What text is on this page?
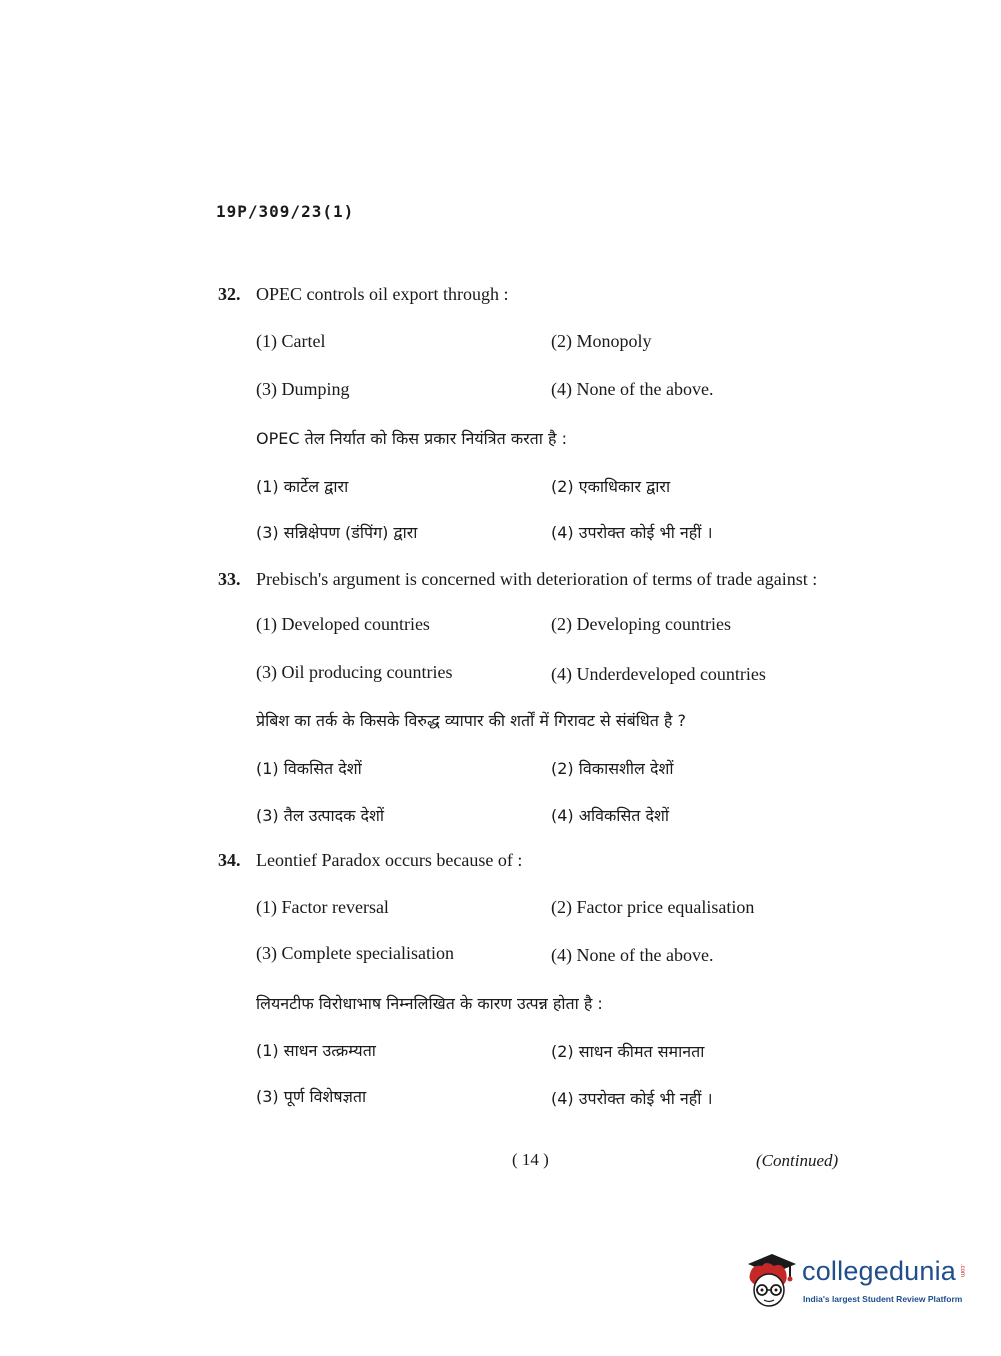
19P/309/23(1)
32. OPEC controls oil export through :
(1) Cartel	(2) Monopoly
(3) Dumping	(4) None of the above.
OPEC तेल निर्यात को किस प्रकार नियंत्रित करता है :
(1) कार्टेल द्वारा	(2) एकाधिकार द्वारा
(3) सन्निक्षेपण (डंपिंग) द्वारा	(4) उपरोक्त कोई भी नहीं ।
33. Prebisch's argument is concerned with deterioration of terms of trade against :
(1) Developed countries	(2) Developing countries
(3) Oil producing countries	(4) Underdeveloped countries
प्रेबिश का तर्क के किसके विरुद्ध व्यापार की शर्तों में गिरावट से संबंधित है ?
(1) विकसित देशों	(2) विकासशील देशों
(3) तैल उत्पादक देशों	(4) अविकसित देशों
34. Leontief Paradox occurs because of :
(1) Factor reversal	(2) Factor price equalisation
(3) Complete specialisation	(4) None of the above.
लियनटीफ विरोधाभाष निम्नलिखित के कारण उत्पन्न होता है :
(1) साधन उत्क्रम्यता	(2) साधन कीमत समानता
(3) पूर्ण विशेषज्ञता	(4) उपरोक्त कोई भी नहीं ।
( 14 )	(Continued)
collegedunia .com
India's largest Student Review Platform
